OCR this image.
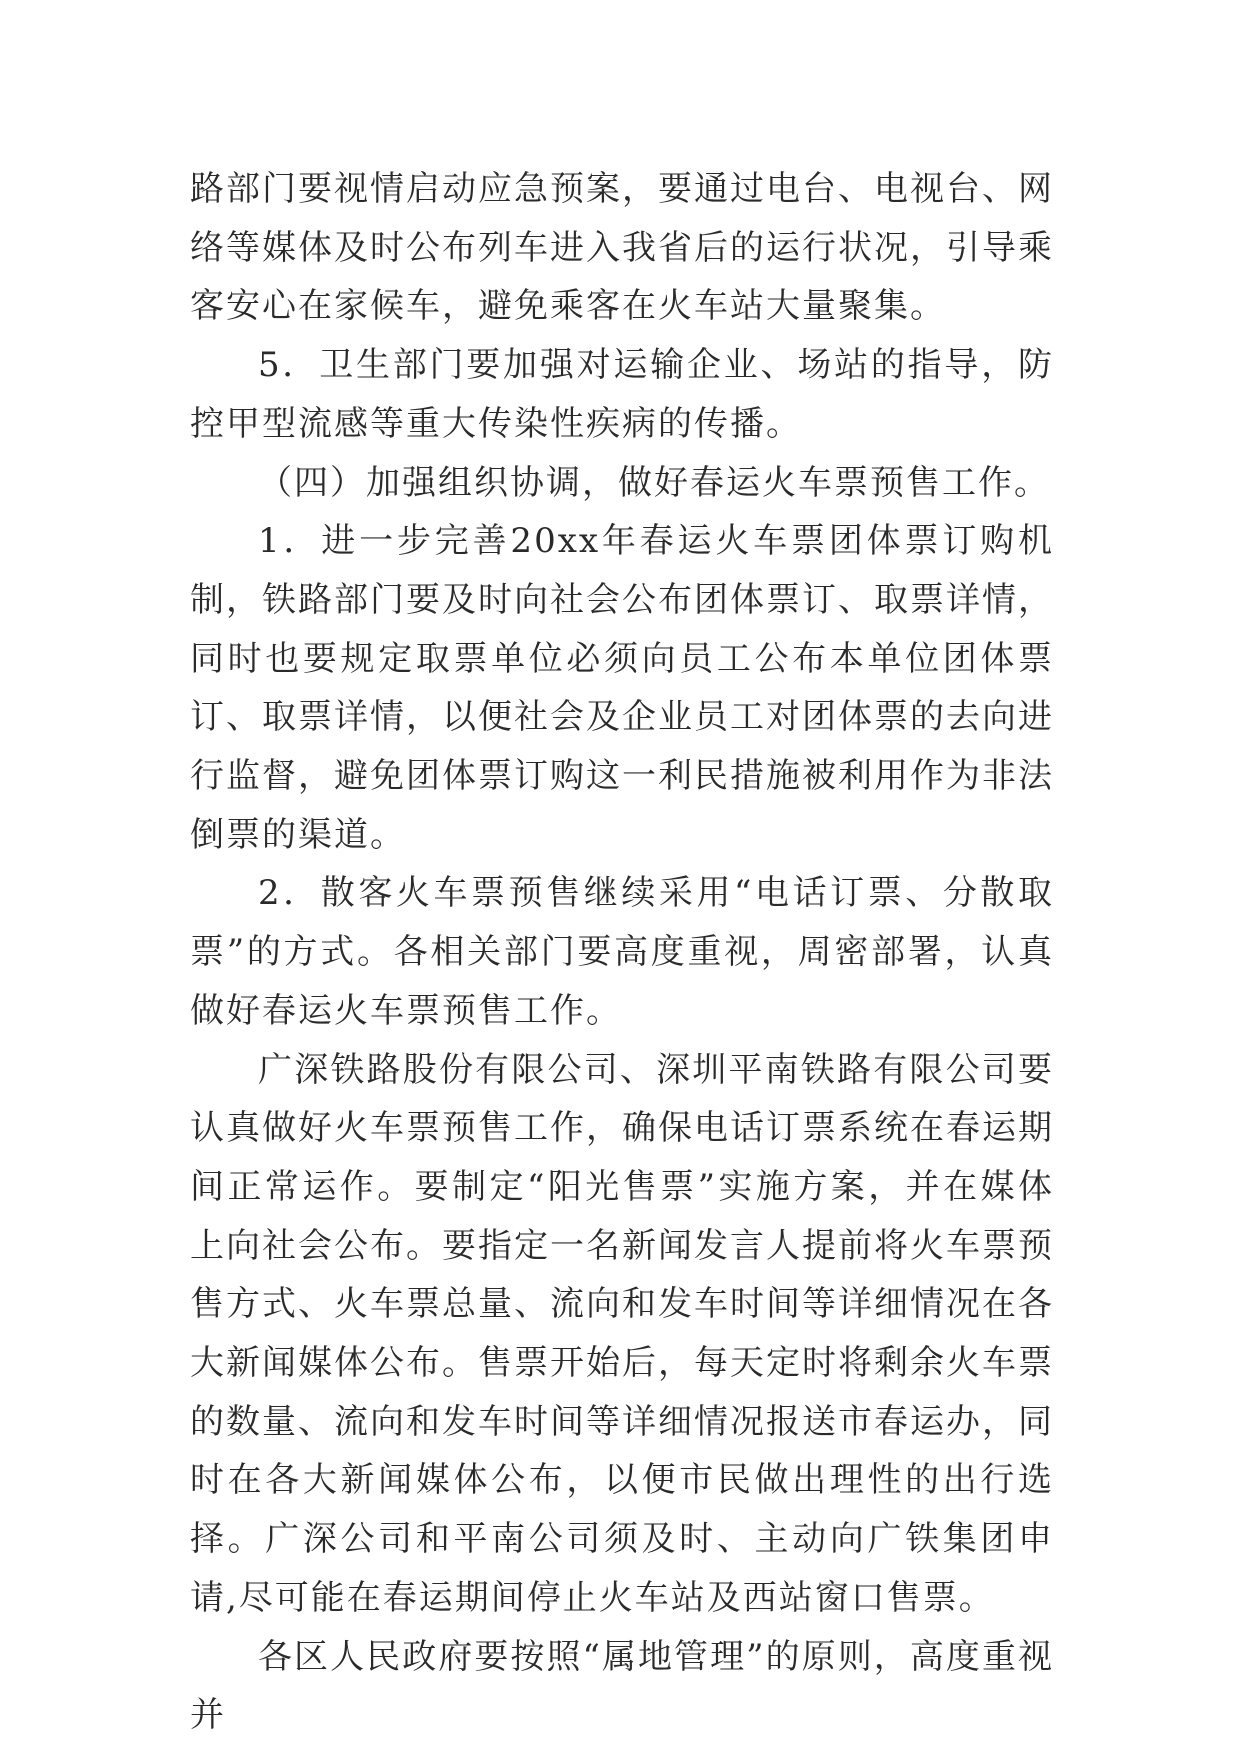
路部门要视情启动应急预案，要通过电台、电视台、网络等媒体及时公布列车进入我省后的运行状况，引导乘客安心在家候车，避免乘客在火车站大量聚集。

5．卫生部门要加强对运输企业、场站的指导，防控甲型流感等重大传染性疾病的传播。

（四）加强组织协调，做好春运火车票预售工作。

1．进一步完善20xx年春运火车票团体票订购机制，铁路部门要及时向社会公布团体票订、取票详情，同时也要规定取票单位必须向员工公布本单位团体票订、取票详情，以便社会及企业员工对团体票的去向进行监督，避免团体票订购这一利民措施被利用作为非法倒票的渠道。

2．散客火车票预售继续采用“电话订票、分散取票”的方式。各相关部门要高度重视，周密部署，认真做好春运火车票预售工作。

广深铁路股份有限公司、深圳平南铁路有限公司要认真做好火车票预售工作，确保电话订票系统在春运期间正常运作。要制定“阳光售票”实施方案，并在媒体上向社会公布。要指定一名新闻发言人提前将火车票预售方式、火车票总量、流向和发车时间等详细情况在各大新闻媒体公布。售票开始后，每天定时将剩余火车票的数量、流向和发车时间等详细情况报送市春运办，同时在各大新闻媒体公布，以便市民做出理性的出行选择。广深公司和平南公司须及时、主动向广铁集团申请,尽可能在春运期间停止火车站及西站窗口售票。

各区人民政府要按照“属地管理”的原则，高度重视并
